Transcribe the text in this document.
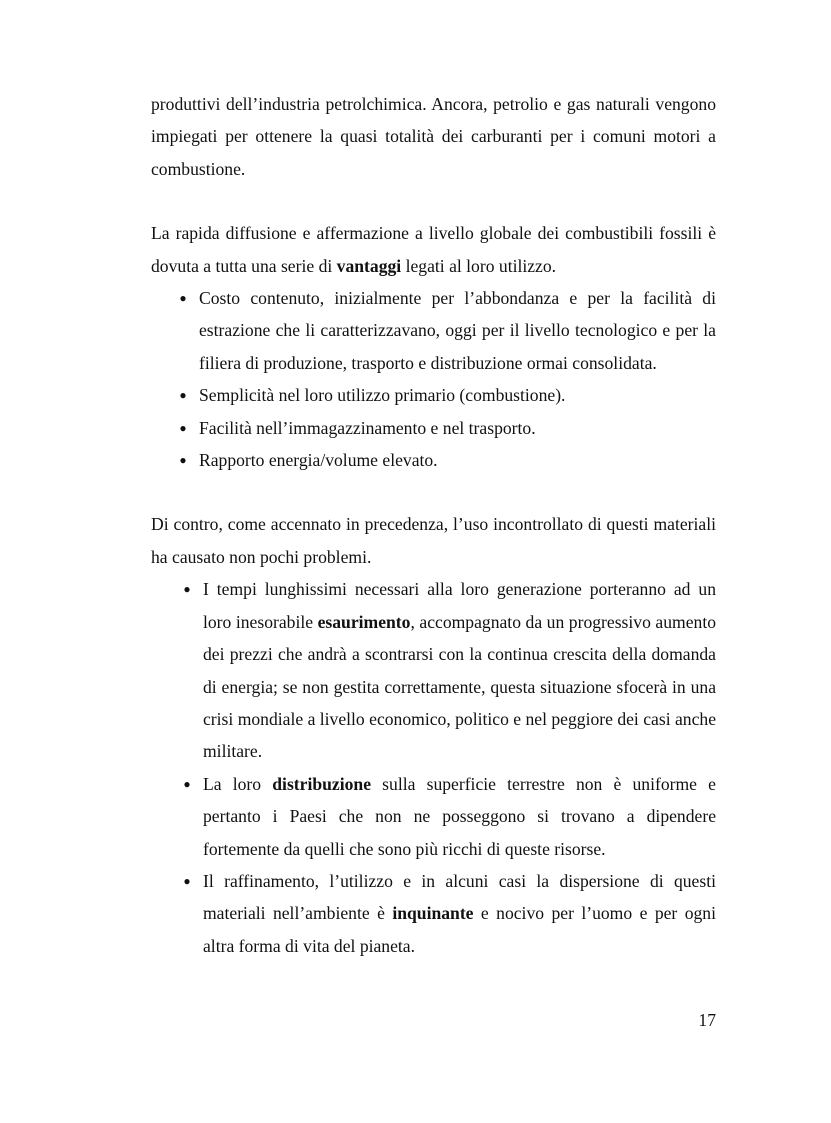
produttivi dell’industria petrolchimica. Ancora, petrolio e gas naturali vengono impiegati per ottenere la quasi totalità dei carburanti per i comuni motori a combustione.

La rapida diffusione e affermazione a livello globale dei combustibili fossili è dovuta a tutta una serie di vantaggi legati al loro utilizzo.

● Costo contenuto, inizialmente per l’abbondanza e per la facilità di estrazione che li caratterizzavano, oggi per il livello tecnologico e per la filiera di produzione, trasporto e distribuzione ormai consolidata.
● Semplicità nel loro utilizzo primario (combustione).
● Facilità nell’immagazzinamento e nel trasporto.
● Rapporto energia/volume elevato.

Di contro, come accennato in precedenza, l’uso incontrollato di questi materiali ha causato non pochi problemi.

● I tempi lunghissimi necessari alla loro generazione porteranno ad un loro inesorabile esaurimento, accompagnato da un progressivo aumento dei prezzi che andrà a scontrarsi con la continua crescita della domanda di energia; se non gestita correttamente, questa situazione sfocerà in una crisi mondiale a livello economico, politico e nel peggiore dei casi anche militare.
● La loro distribuzione sulla superficie terrestre non è uniforme e pertanto i Paesi che non ne posseggono si trovano a dipendere fortemente da quelli che sono più ricchi di queste risorse.
● Il raffinamento, l’utilizzo e in alcuni casi la dispersione di questi materiali nell’ambiente è inquinante e nocivo per l’uomo e per ogni altra forma di vita del pianeta.
17
